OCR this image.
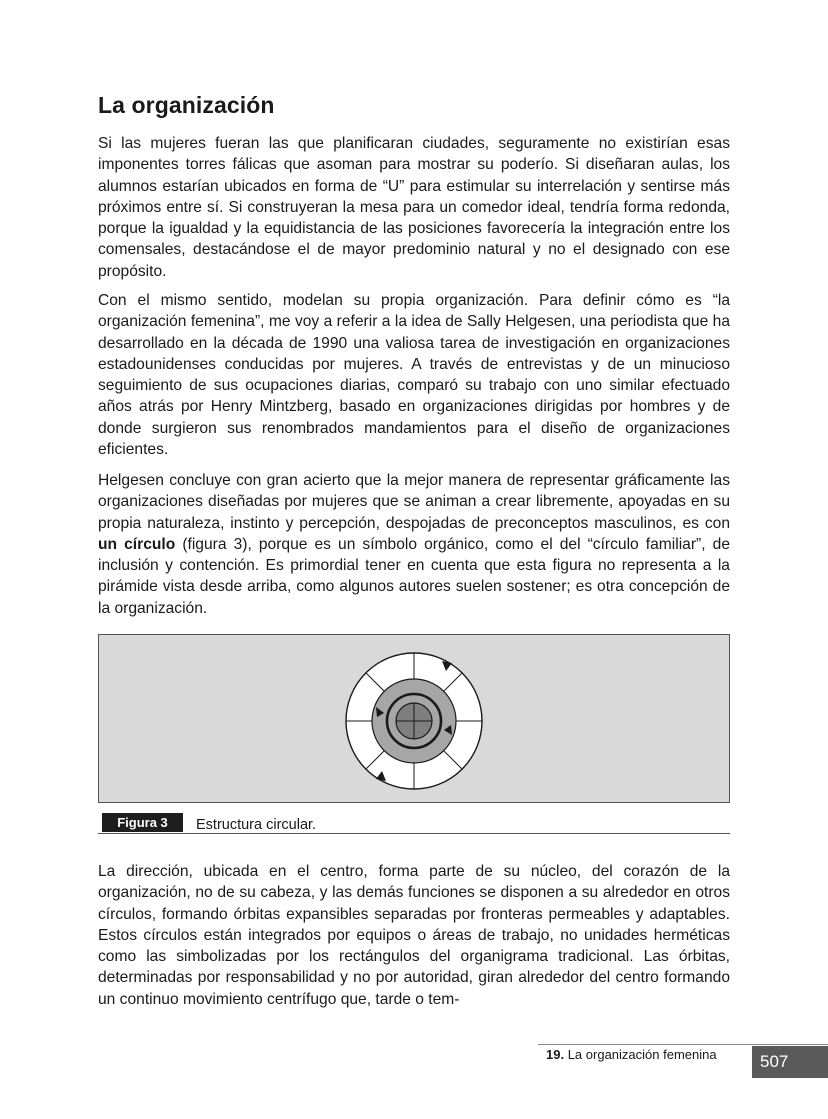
La organización

Si las mujeres fueran las que planificaran ciudades, seguramente no existirían esas imponentes torres fálicas que asoman para mostrar su poderío. Si diseñaran aulas, los alumnos estarían ubicados en forma de “U” para estimular su interrelación y sentirse más próximos entre sí. Si construyeran la mesa para un comedor ideal, tendría forma redonda, porque la igualdad y la equidistancia de las posiciones favorecería la integración entre los comensales, destacándose el de mayor predominio natural y no el designado con ese propósito.

Con el mismo sentido, modelan su propia organización. Para definir cómo es “la organización femenina”, me voy a referir a la idea de Sally Helgesen, una periodista que ha desarrollado en la década de 1990 una valiosa tarea de investigación en organizaciones estadounidenses conducidas por mujeres. A través de entrevistas y de un minucioso seguimiento de sus ocupaciones diarias, comparó su trabajo con uno similar efectuado años atrás por Henry Mintzberg, basado en organizaciones dirigidas por hombres y de donde surgieron sus renombrados mandamientos para el diseño de organizaciones eficientes.

Helgesen concluye con gran acierto que la mejor manera de representar gráficamente las organizaciones diseñadas por mujeres que se animan a crear libremente, apoyadas en su propia naturaleza, instinto y percepción, despojadas de preconceptos masculinos, es con un círculo (figura 3), porque es un símbolo orgánico, como el del “círculo familiar”, de inclusión y contención. Es primordial tener en cuenta que esta figura no representa a la pirámide vista desde arriba, como algunos autores suelen sostener; es otra concepción de la organización.

Figura 3	Estructura circular.

La dirección, ubicada en el centro, forma parte de su núcleo, del corazón de la organización, no de su cabeza, y las demás funciones se disponen a su alrededor en otros círculos, formando órbitas expansibles separadas por fronteras permeables y adaptables. Estos círculos están integrados por equipos o áreas de trabajo, no unidades herméticas como las simbolizadas por los rectángulos del organigrama tradicional. Las órbitas, determinadas por responsabilidad y no por autoridad, giran alrededor del centro formando un continuo movimiento centrífugo que, tarde o tem-

19. La organización femenina	507
